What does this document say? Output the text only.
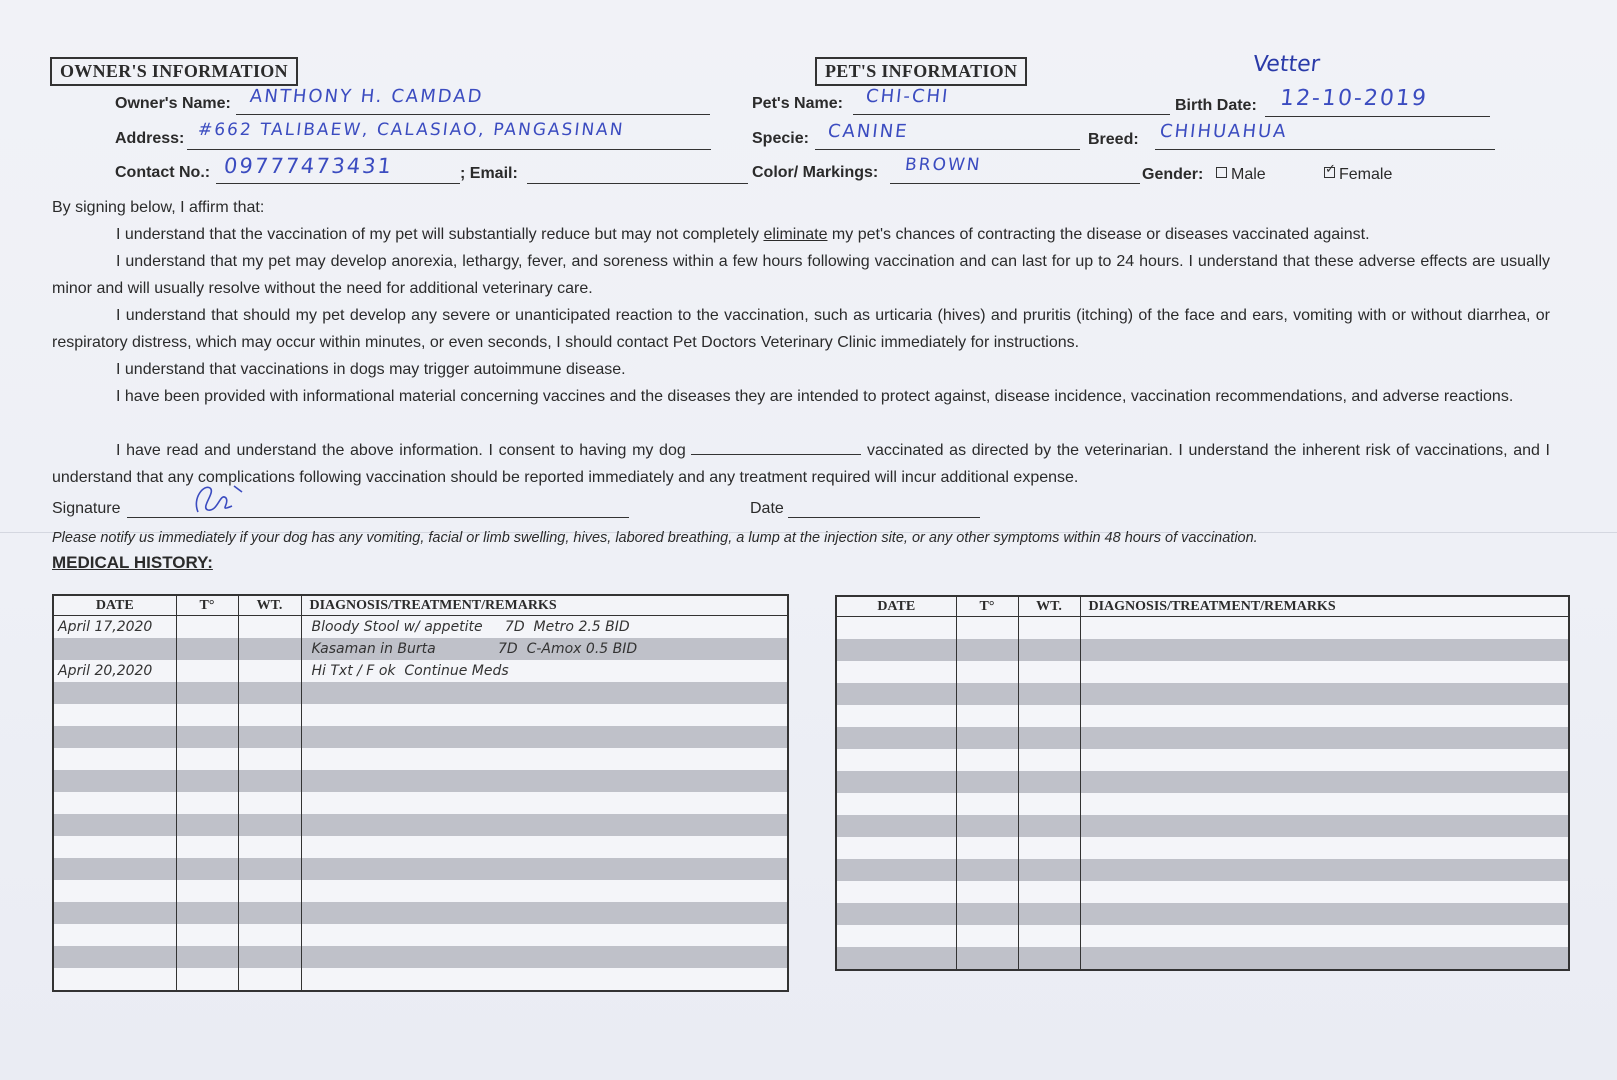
OWNER'S INFORMATION
Owner's Name: ANTHONY H. CAMDAD
Address: #662 TALIBAEW, CALASIAO, PANGASINAN
Contact No.: 09777473431	; Email:
PET'S INFORMATION	Vetter
Pet's Name: CHI-CHI	Birth Date: 12-10-2019
Specie: CANINE	Breed: CHIHUAHUA
Color/ Markings: BROWN	Gender:	Male	✓ Female
By signing below, I affirm that:
I understand that the vaccination of my pet will substantially reduce but may not completely eliminate my pet's chances of contracting the disease or diseases vaccinated against.
I understand that my pet may develop anorexia, lethargy, fever, and soreness within a few hours following vaccination and can last for up to 24 hours. I understand that these adverse effects are usually minor and will usually resolve without the need for additional veterinary care.
I understand that should my pet develop any severe or unanticipated reaction to the vaccination, such as urticaria (hives) and pruritis (itching) of the face and ears, vomiting with or without diarrhea, or respiratory distress, which may occur within minutes, or even seconds, I should contact Pet Doctors Veterinary Clinic immediately for instructions.
I understand that vaccinations in dogs may trigger autoimmune disease.
I have been provided with informational material concerning vaccines and the diseases they are intended to protect against, disease incidence, vaccination recommendations, and adverse reactions.
I have read and understand the above information. I consent to having my dog	vaccinated as directed by the veterinarian. I understand the inherent risk of vaccinations, and I understand that any complications following vaccination should be reported immediately and any treatment required will incur additional expense.
Signature	Date
Please notify us immediately if your dog has any vomiting, facial or limb swelling, hives, labored breathing, a lump at the injection site, or any other symptoms within 48 hours of vaccination.
MEDICAL HISTORY:
DATE	T°	WT.	DIAGNOSIS/TREATMENT/REMARKS
April 17,2020			Bloody Stool w/ appetite     7D  Metro 2.5 BID
			Kasaman in Burta              7D  C-Amox 0.5 BID
April 20,2020			Hi Txt / F ok  Continue Meds

DATE	T°	WT.	DIAGNOSIS/TREATMENT/REMARKS
